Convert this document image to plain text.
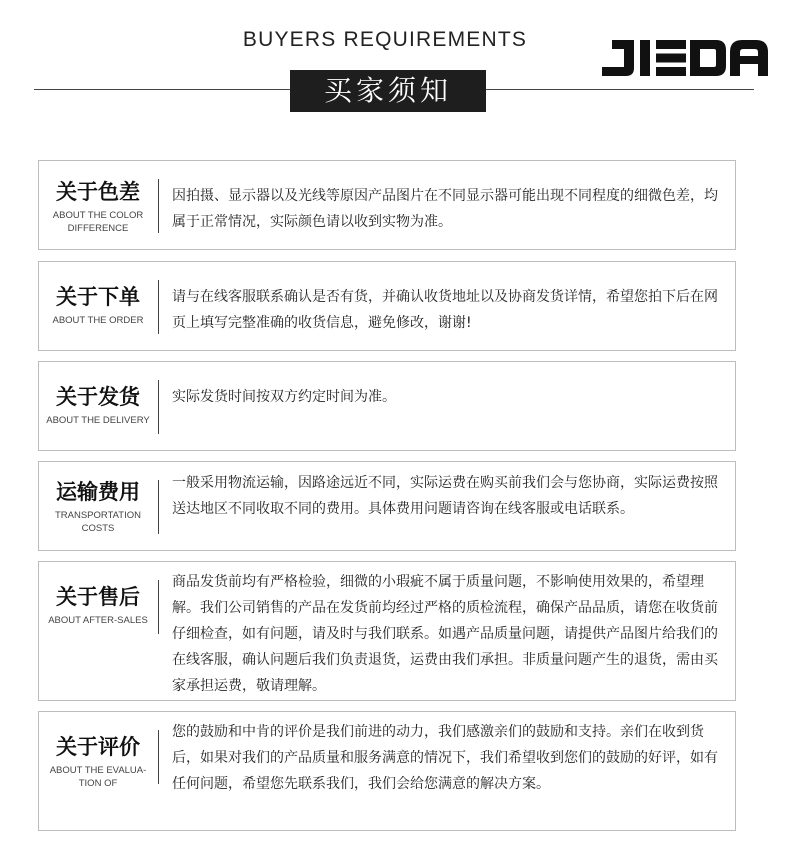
BUYERS REQUIREMENTS
买家须知
关于色差
ABOUT THE COLOR
DIFFERENCE
因拍摄、显示器以及光线等原因产品图片在不同显示器可能出现不同程度的细微色差，均属于正常情况，实际颜色请以收到实物为准。
关于下单
ABOUT THE ORDER
请与在线客服联系确认是否有货，并确认收货地址以及协商发货详情，希望您拍下后在网页上填写完整准确的收货信息，避免修改，谢谢!
关于发货
ABOUT THE DELIVERY
实际发货时间按双方约定时间为准。
运输费用
TRANSPORTATION
COSTS
一般采用物流运输，因路途远近不同，实际运费在购买前我们会与您协商，实际运费按照送达地区不同收取不同的费用。具体费用问题请咨询在线客服或电话联系。
关于售后
ABOUT AFTER-SALES
商品发货前均有严格检验，细微的小瑕疵不属于质量问题，不影响使用效果的，希望理解。我们公司销售的产品在发货前均经过严格的质检流程，确保产品品质，请您在收货前仔细检查，如有问题，请及时与我们联系。如遇产品质量问题，请提供产品图片给我们的在线客服，确认问题后我们负责退货，运费由我们承担。非质量问题产生的退货，需由买家承担运费，敬请理解。
关于评价
ABOUT THE EVALUA-
TION OF
您的鼓励和中肯的评价是我们前进的动力，我们感激亲们的鼓励和支持。亲们在收到货后，如果对我们的产品质量和服务满意的情况下，我们希望收到您们的鼓励的好评，如有任何问题，希望您先联系我们，我们会给您满意的解决方案。
